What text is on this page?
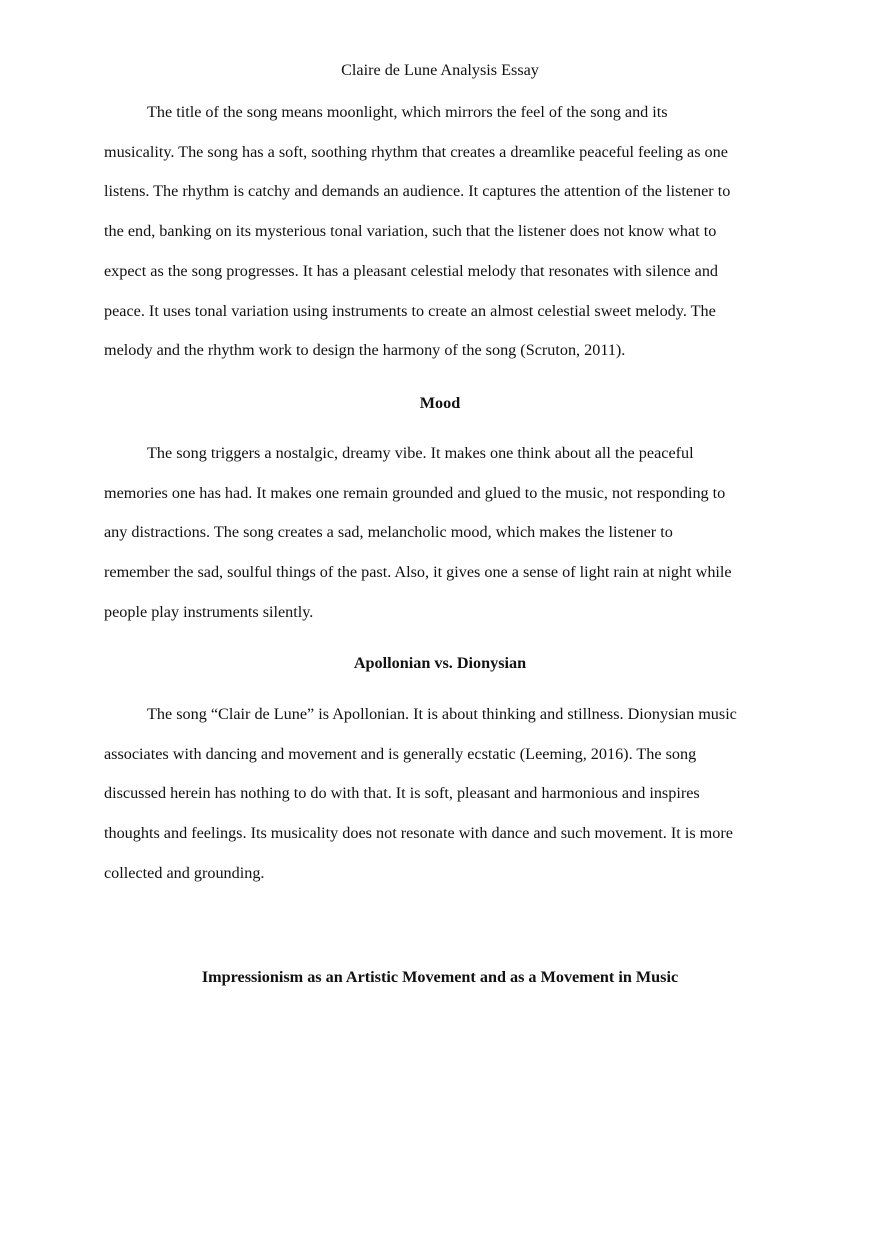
Claire de Lune Analysis Essay

The title of the song means moonlight, which mirrors the feel of the song and its
musicality. The song has a soft, soothing rhythm that creates a dreamlike peaceful feeling as one
listens. The rhythm is catchy and demands an audience. It captures the attention of the listener to
the end, banking on its mysterious tonal variation, such that the listener does not know what to
expect as the song progresses. It has a pleasant celestial melody that resonates with silence and
peace. It uses tonal variation using instruments to create an almost celestial sweet melody. The
melody and the rhythm work to design the harmony of the song (Scruton, 2011).

Mood

The song triggers a nostalgic, dreamy vibe. It makes one think about all the peaceful
memories one has had. It makes one remain grounded and glued to the music, not responding to
any distractions. The song creates a sad, melancholic mood, which makes the listener to
remember the sad, soulful things of the past. Also, it gives one a sense of light rain at night while
people play instruments silently.

Apollonian vs. Dionysian

The song “Clair de Lune” is Apollonian. It is about thinking and stillness. Dionysian music
associates with dancing and movement and is generally ecstatic (Leeming, 2016). The song
discussed herein has nothing to do with that. It is soft, pleasant and harmonious and inspires
thoughts and feelings. Its musicality does not resonate with dance and such movement. It is more
collected and grounding.

Impressionism as an Artistic Movement and as a Movement in Music
